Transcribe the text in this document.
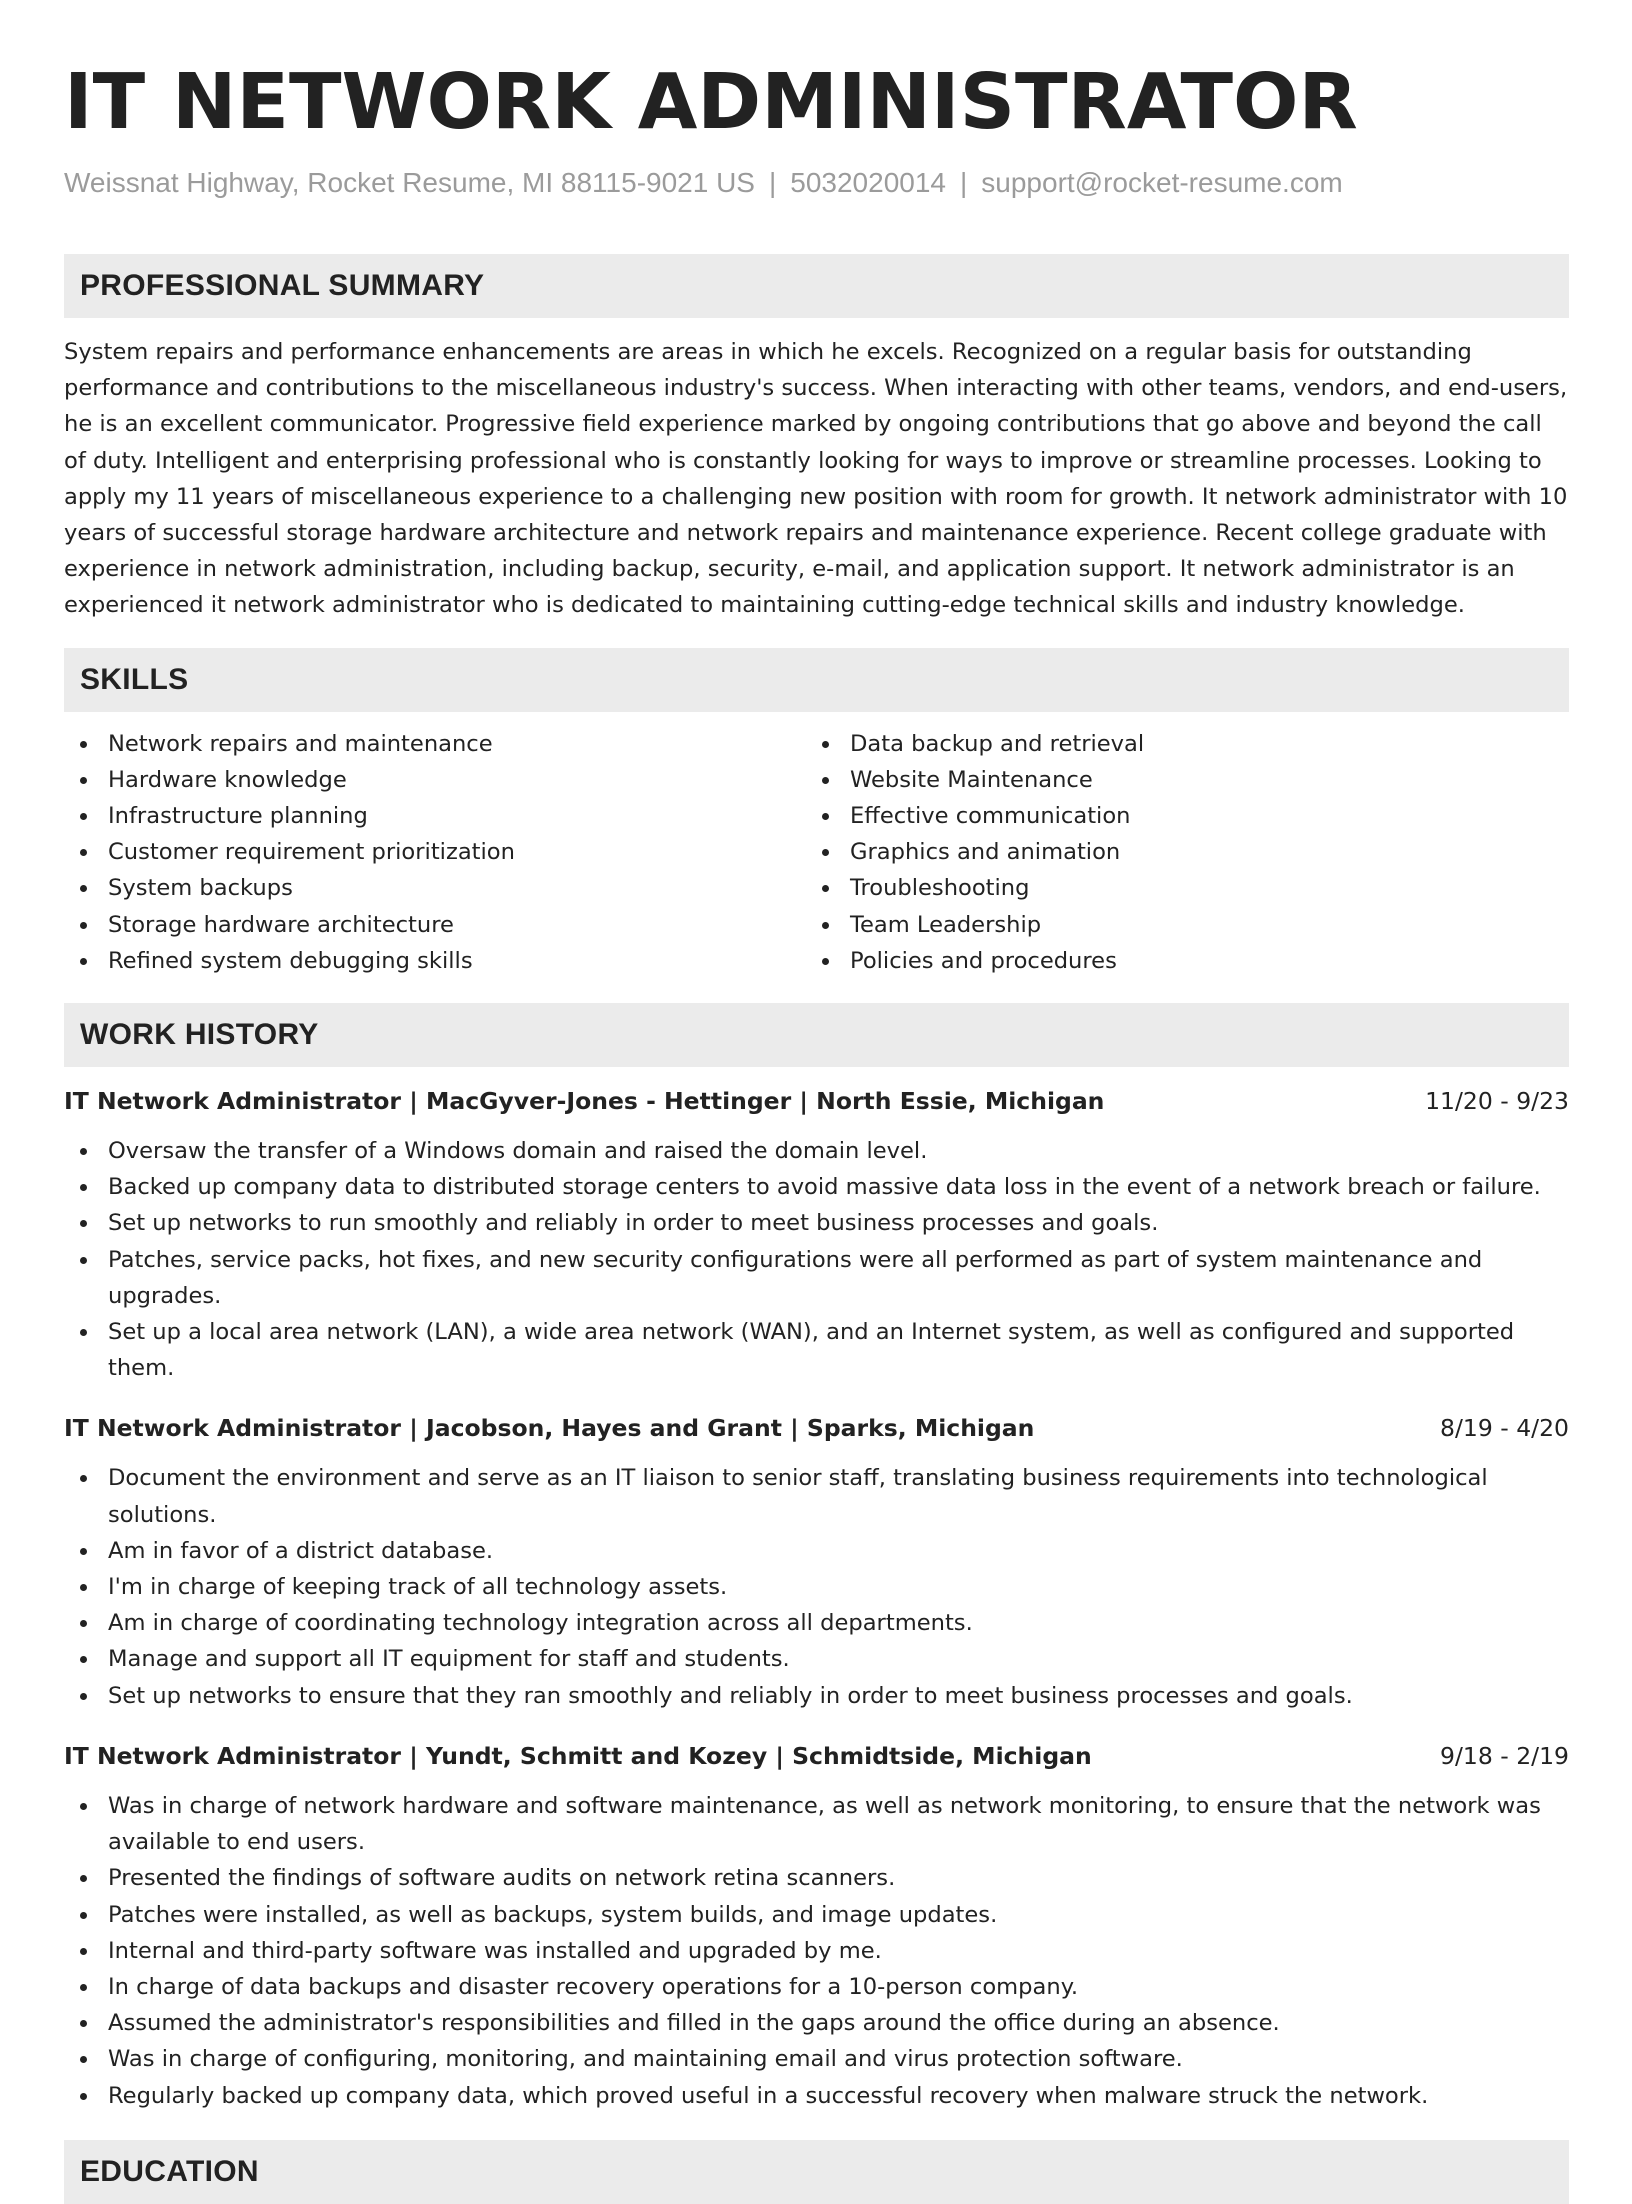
IT NETWORK ADMINISTRATOR
Weissnat Highway, Rocket Resume, MI 88115-9021 US | 5032020014 | support@rocket-resume.com
PROFESSIONAL SUMMARY

System repairs and performance enhancements are areas in which he excels. Recognized on a regular basis for outstanding performance and contributions to the miscellaneous industry's success. When interacting with other teams, vendors, and end-users, he is an excellent communicator. Progressive field experience marked by ongoing contributions that go above and beyond the call of duty. Intelligent and enterprising professional who is constantly looking for ways to improve or streamline processes. Looking to apply my 11 years of miscellaneous experience to a challenging new position with room for growth. It network administrator with 10 years of successful storage hardware architecture and network repairs and maintenance experience. Recent college graduate with experience in network administration, including backup, security, e-mail, and application support. It network administrator is an experienced it network administrator who is dedicated to maintaining cutting-edge technical skills and industry knowledge.

SKILLS
Network repairs and maintenance
Hardware knowledge
Infrastructure planning
Customer requirement prioritization
System backups
Storage hardware architecture
Refined system debugging skills
Data backup and retrieval
Website Maintenance
Effective communication
Graphics and animation
Troubleshooting
Team Leadership
Policies and procedures
WORK HISTORY
IT Network Administrator | MacGyver-Jones - Hettinger | North Essie, Michigan	11/20 - 9/23
Oversaw the transfer of a Windows domain and raised the domain level.
Backed up company data to distributed storage centers to avoid massive data loss in the event of a network breach or failure.
Set up networks to run smoothly and reliably in order to meet business processes and goals.
Patches, service packs, hot fixes, and new security configurations were all performed as part of system maintenance and upgrades.
Set up a local area network (LAN), a wide area network (WAN), and an Internet system, as well as configured and supported them.
IT Network Administrator | Jacobson, Hayes and Grant | Sparks, Michigan	8/19 - 4/20
Document the environment and serve as an IT liaison to senior staff, translating business requirements into technological solutions.
Am in favor of a district database.
I'm in charge of keeping track of all technology assets.
Am in charge of coordinating technology integration across all departments.
Manage and support all IT equipment for staff and students.
Set up networks to ensure that they ran smoothly and reliably in order to meet business processes and goals.
IT Network Administrator | Yundt, Schmitt and Kozey | Schmidtside, Michigan	9/18 - 2/19
Was in charge of network hardware and software maintenance, as well as network monitoring, to ensure that the network was available to end users.
Presented the findings of software audits on network retina scanners.
Patches were installed, as well as backups, system builds, and image updates.
Internal and third-party software was installed and upgraded by me.
In charge of data backups and disaster recovery operations for a 10-person company.
Assumed the administrator's responsibilities and filled in the gaps around the office during an absence.
Was in charge of configuring, monitoring, and maintaining email and virus protection software.
Regularly backed up company data, which proved useful in a successful recovery when malware struck the network.
EDUCATION
